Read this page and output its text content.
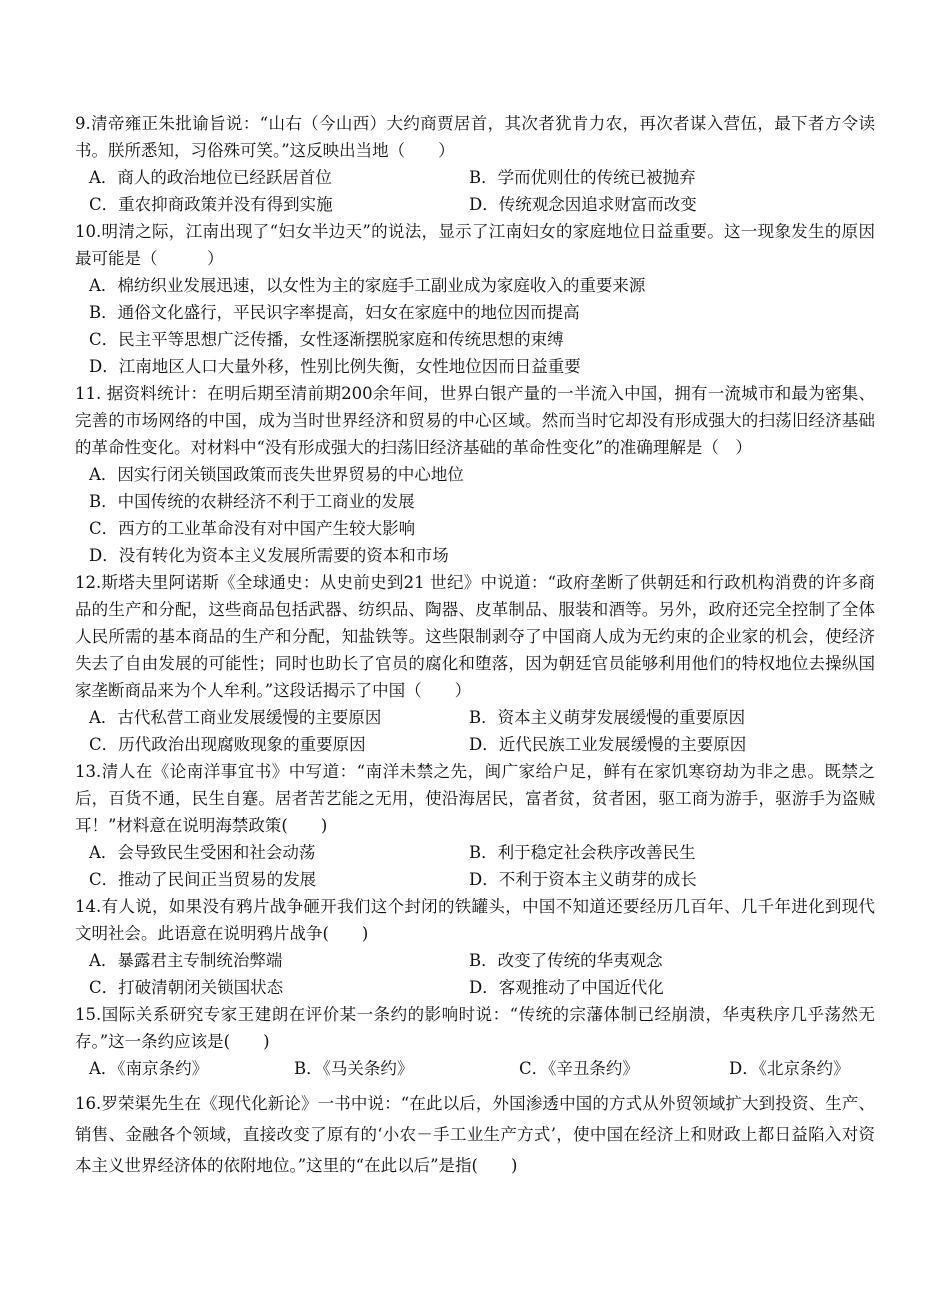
9.清帝雍正朱批谕旨说：“山右（今山西）大约商贾居首，其次者犹肯力农，再次者谋入营伍，最下者方令读书。朕所悉知，习俗殊可笑。”这反映出当地（　　）

A．商人的政治地位已经跃居首位	B．学而优则仕的传统已被抛弃
C．重农抑商政策并没有得到实施	D．传统观念因追求财富而改变

10.明清之际，江南出现了“妇女半边天”的说法，显示了江南妇女的家庭地位日益重要。这一现象发生的原因最可能是（　　　）

A．棉纺织业发展迅速，以女性为主的家庭手工副业成为家庭收入的重要来源
B．通俗文化盛行，平民识字率提高，妇女在家庭中的地位因而提高
C．民主平等思想广泛传播，女性逐渐摆脱家庭和传统思想的束缚
D．江南地区人口大量外移，性别比例失衡，女性地位因而日益重要

11. 据资料统计：在明后期至清前期200余年间，世界白银产量的一半流入中国，拥有一流城市和最为密集、完善的市场网络的中国，成为当时世界经济和贸易的中心区域。然而当时它却没有形成强大的扫荡旧经济基础的革命性变化。对材料中“没有形成强大的扫荡旧经济基础的革命性变化”的准确理解是（　）

A．因实行闭关锁国政策而丧失世界贸易的中心地位
B．中国传统的农耕经济不利于工商业的发展
C．西方的工业革命没有对中国产生较大影响
D．没有转化为资本主义发展所需要的资本和市场

12.斯塔夫里阿诺斯《全球通史：从史前史到21 世纪》中说道：“政府垄断了供朝廷和行政机构消费的许多商品的生产和分配，这些商品包括武器、纺织品、陶器、皮革制品、服装和酒等。另外，政府还完全控制了全体人民所需的基本商品的生产和分配，知盐铁等。这些限制剥夺了中国商人成为无约束的企业家的机会，使经济失去了自由发展的可能性；同时也助长了官员的腐化和堕落，因为朝廷官员能够利用他们的特权地位去操纵国家垄断商品来为个人牟利。”这段话揭示了中国（　　）

A．古代私营工商业发展缓慢的主要原因	B．资本主义萌芽发展缓慢的重要原因
C．历代政治出现腐败现象的重要原因	D．近代民族工业发展缓慢的主要原因

13.清人在《论南洋事宜书》中写道：“南洋未禁之先，闽广家给户足，鲜有在家饥寒窃劫为非之患。既禁之后，百货不通，民生自蹇。居者苦艺能之无用，使沿海居民，富者贫，贫者困，驱工商为游手，驱游手为盗贼耳！”材料意在说明海禁政策(　　)

A．会导致民生受困和社会动荡	B．利于稳定社会秩序改善民生
C．推动了民间正当贸易的发展	D．不利于资本主义萌芽的成长

14.有人说，如果没有鸦片战争砸开我们这个封闭的铁罐头，中国不知道还要经历几百年、几千年进化到现代文明社会。此语意在说明鸦片战争(　　)

A．暴露君主专制统治弊端	B．改变了传统的华夷观念
C．打破清朝闭关锁国状态	D．客观推动了中国近代化

15.国际关系研究专家王建朗在评价某一条约的影响时说：“传统的宗藩体制已经崩溃，华夷秩序几乎荡然无存。”这一条约应该是(　　)

A．《南京条约》	B．《马关条约》	C．《辛丑条约》	D．《北京条约》

16.罗荣渠先生在《现代化新论》一书中说：“在此以后，外国渗透中国的方式从外贸领域扩大到投资、生产、销售、金融各个领域，直接改变了原有的‘小农－手工业生产方式’，使中国在经济上和财政上都日益陷入对资本主义世界经济体的依附地位。”这里的“在此以后”是指(　　)
